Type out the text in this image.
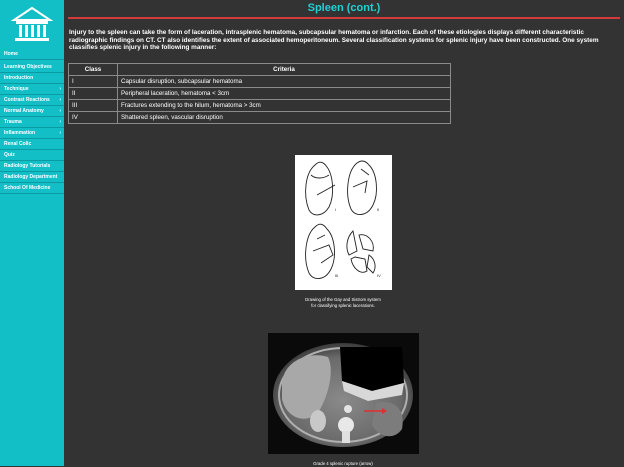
Home
Learning Objectives
Introduction
Technique	›
Contrast Reactions ›
Normal Anatomy	›
Trauma	›
Inflammation	›
Renal Colic
Quiz
Radiology Tutorials
Radiology Department
School Of Medicine
Spleen (cont.)
Injury to the spleen can take the form of laceration, intrasplenic hematoma, subcapsular hematoma or infarction. Each of these etiologies displays different characteristic radiographic findings on CT. CT also identifies the extent of associated hemoperitoneum. Several classification systems for splenic injury have been constructed. One system classifies splenic injury in the following manner:
Class	Criteria
I	Capsular disruption, subcapsular hematoma
II	Peripheral laceration, hematoma < 3cm
III	Fractures extending to the hilum, hematoma > 3cm
IV	Shattered spleen, vascular disruption
I	II
III	IV
Drawing of the Gay and Sistrom system
for classifying splenic lacerations.
Grade 4 splenic rupture (arrow)
